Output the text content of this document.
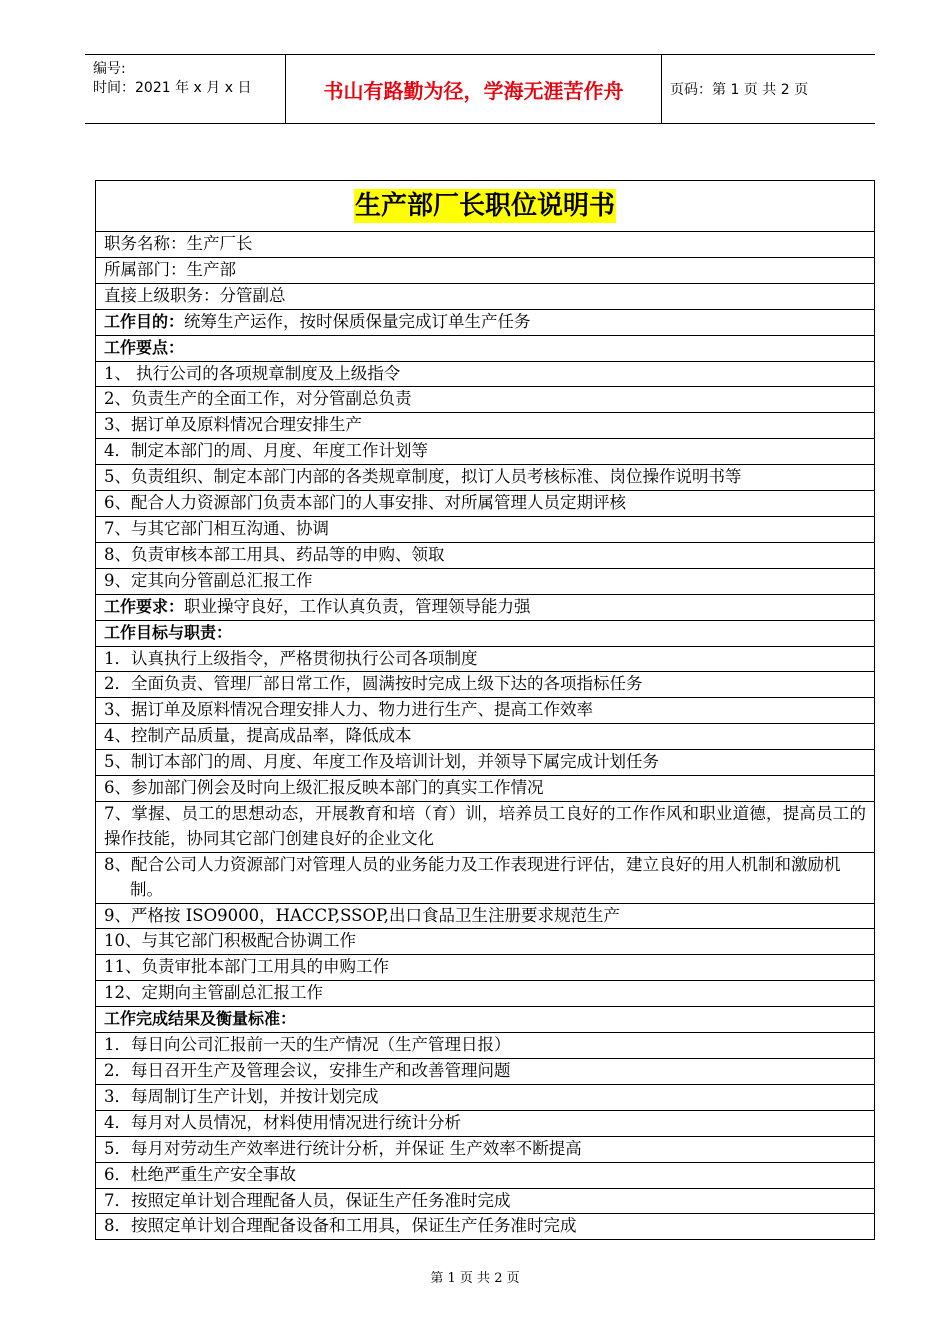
编号:
时间：2021 年 x 月 x 日	书山有路勤为径，学海无涯苦作舟	页码：第 1 页 共 2 页
生产部厂长职位说明书
职务名称：生产厂长
所属部门：生产部
直接上级职务：分管副总
工作目的：统筹生产运作，按时保质保量完成订单生产任务
工作要点：
1、 执行公司的各项规章制度及上级指令
2、负责生产的全面工作，对分管副总负责
3、据订单及原料情况合理安排生产
4．制定本部门的周、月度、年度工作计划等
5、负责组织、制定本部门内部的各类规章制度，拟订人员考核标准、岗位操作说明书等
6、配合人力资源部门负责本部门的人事安排、对所属管理人员定期评核
7、与其它部门相互沟通、协调
8、负责审核本部工用具、药品等的申购、领取
9、定其向分管副总汇报工作
工作要求：职业操守良好，工作认真负责，管理领导能力强
工作目标与职责：
1．认真执行上级指令，严格贯彻执行公司各项制度
2．全面负责、管理厂部日常工作，圆满按时完成上级下达的各项指标任务
3、据订单及原料情况合理安排人力、物力进行生产、提高工作效率
4、控制产品质量，提高成品率，降低成本
5、制订本部门的周、月度、年度工作及培训计划，并领导下属完成计划任务
6、参加部门例会及时向上级汇报反映本部门的真实工作情况
7、掌握、员工的思想动态，开展教育和培（育）训，培养员工良好的工作作风和职业道德，提高员工的操作技能，协同其它部门创建良好的企业文化
8、配合公司人力资源部门对管理人员的业务能力及工作表现进行评估，建立良好的用人机制和激励机制。
9、严格按 ISO9000，HACCP,SSOP,出口食品卫生注册要求规范生产
10、与其它部门积极配合协调工作
11、负责审批本部门工用具的申购工作
12、定期向主管副总汇报工作
工作完成结果及衡量标准：
1．每日向公司汇报前一天的生产情况（生产管理日报）
2．每日召开生产及管理会议，安排生产和改善管理问题
3．每周制订生产计划，并按计划完成
4．每月对人员情况，材料使用情况进行统计分析
5．每月对劳动生产效率进行统计分析，并保证 生产效率不断提高
6．杜绝严重生产安全事故
7．按照定单计划合理配备人员，保证生产任务准时完成
8．按照定单计划合理配备设备和工用具，保证生产任务准时完成
第 1 页 共 2 页
